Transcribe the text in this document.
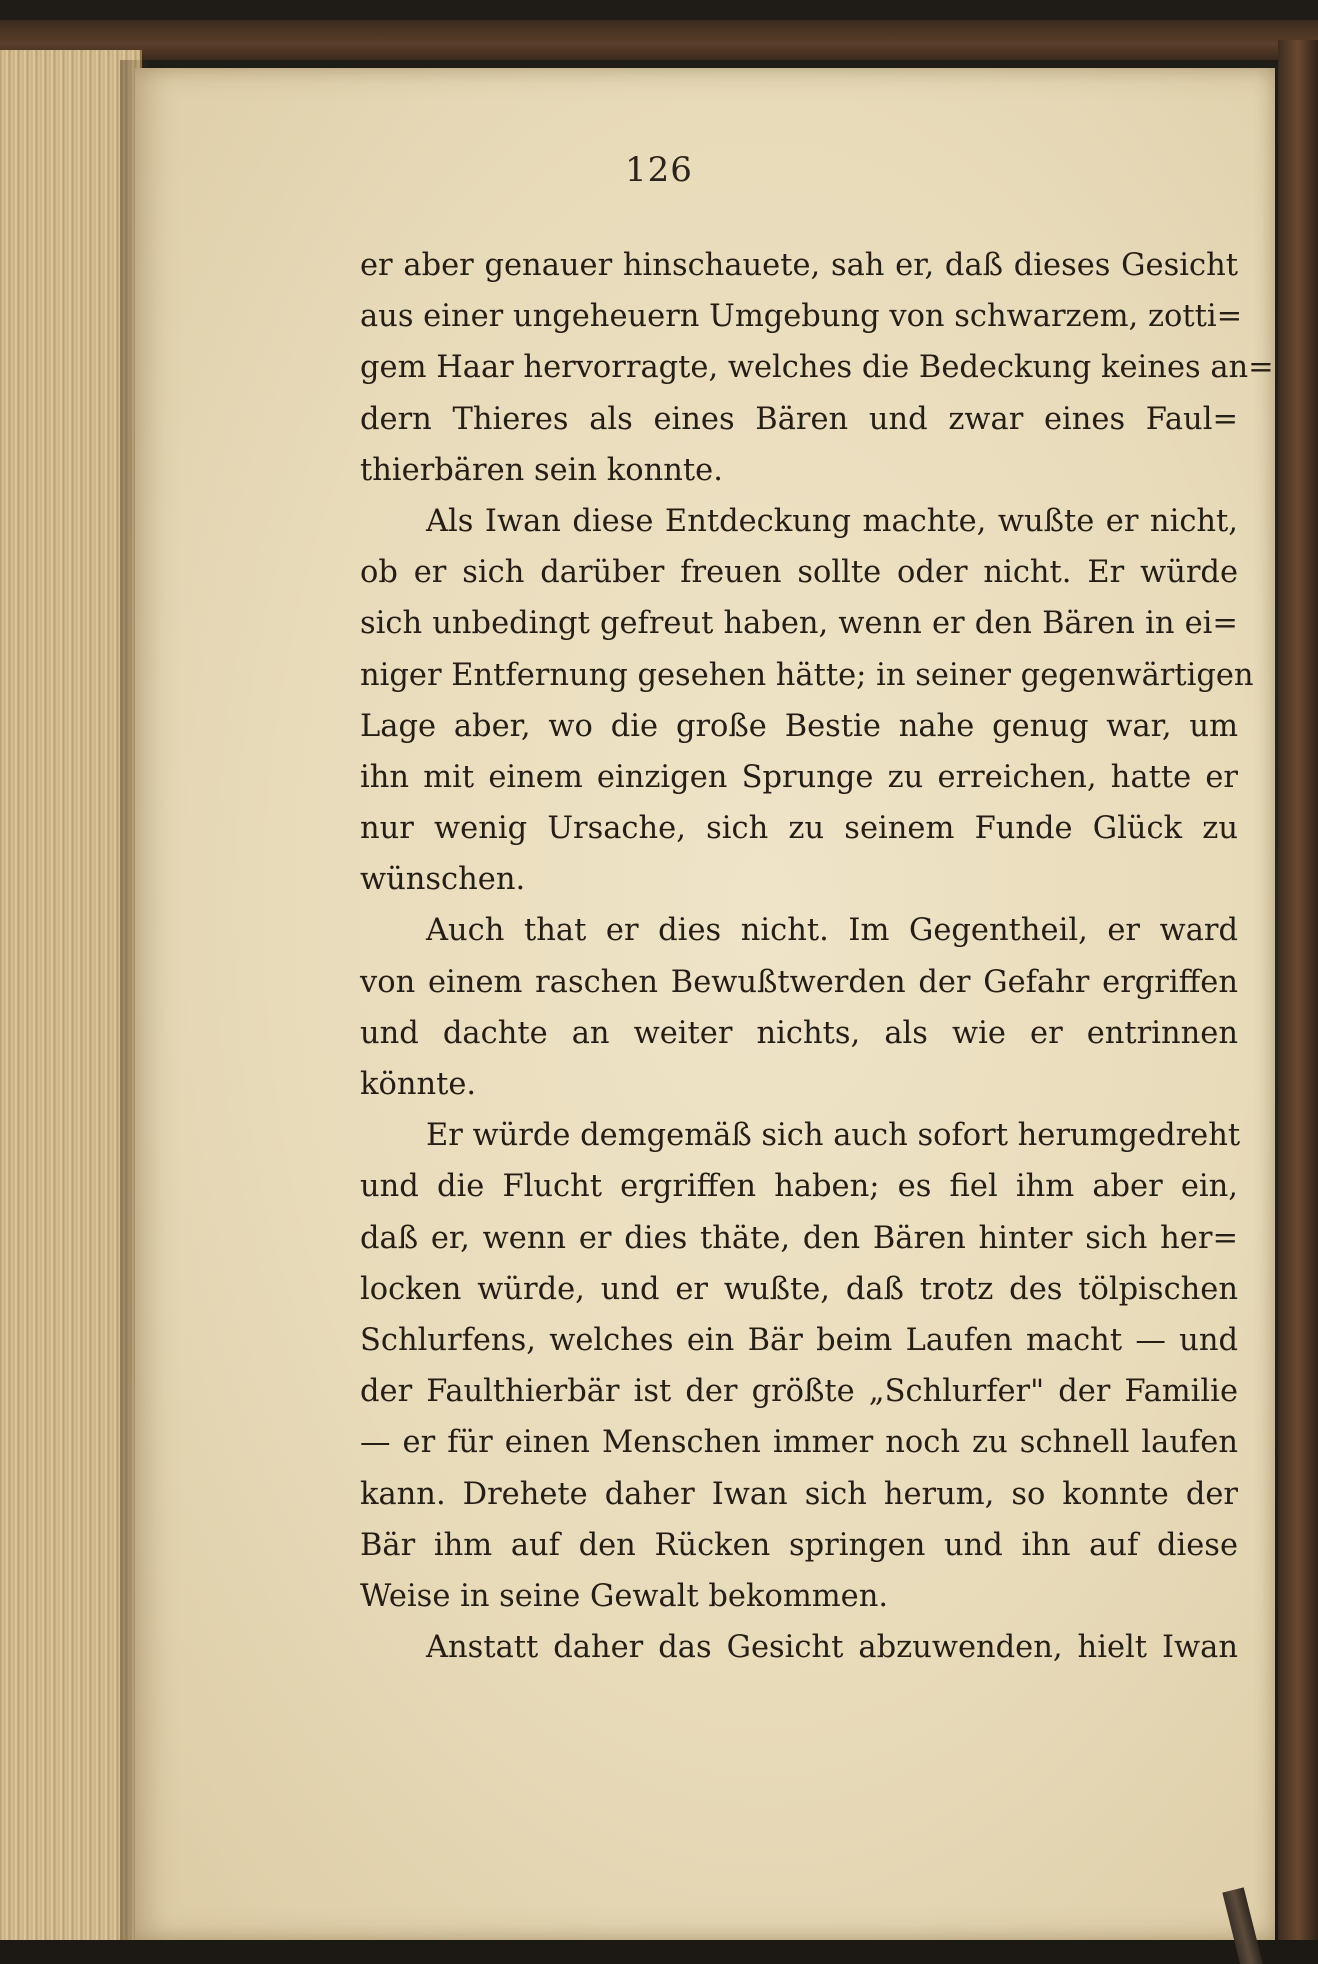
126
er aber genauer hinschauete, sah er, daß dieses Gesicht
aus einer ungeheuern Umgebung von schwarzem, zotti=
gem Haar hervorragte, welches die Bedeckung keines an=
dern Thieres als eines Bären und zwar eines Faul=
thierbären sein konnte.
Als Iwan diese Entdeckung machte, wußte er nicht,
ob er sich darüber freuen sollte oder nicht. Er würde
sich unbedingt gefreut haben, wenn er den Bären in ei=
niger Entfernung gesehen hätte; in seiner gegenwärtigen
Lage aber, wo die große Bestie nahe genug war, um
ihn mit einem einzigen Sprunge zu erreichen, hatte er
nur wenig Ursache, sich zu seinem Funde Glück zu
wünschen.
Auch that er dies nicht. Im Gegentheil, er ward
von einem raschen Bewußtwerden der Gefahr ergriffen
und dachte an weiter nichts, als wie er entrinnen
könnte.
Er würde demgemäß sich auch sofort herumgedreht
und die Flucht ergriffen haben; es fiel ihm aber ein,
daß er, wenn er dies thäte, den Bären hinter sich her=
locken würde, und er wußte, daß trotz des tölpischen
Schlurfens, welches ein Bär beim Laufen macht — und
der Faulthierbär ist der größte „Schlurfer" der Familie
— er für einen Menschen immer noch zu schnell laufen
kann. Drehete daher Iwan sich herum, so konnte der
Bär ihm auf den Rücken springen und ihn auf diese
Weise in seine Gewalt bekommen.
Anstatt daher das Gesicht abzuwenden, hielt Iwan
